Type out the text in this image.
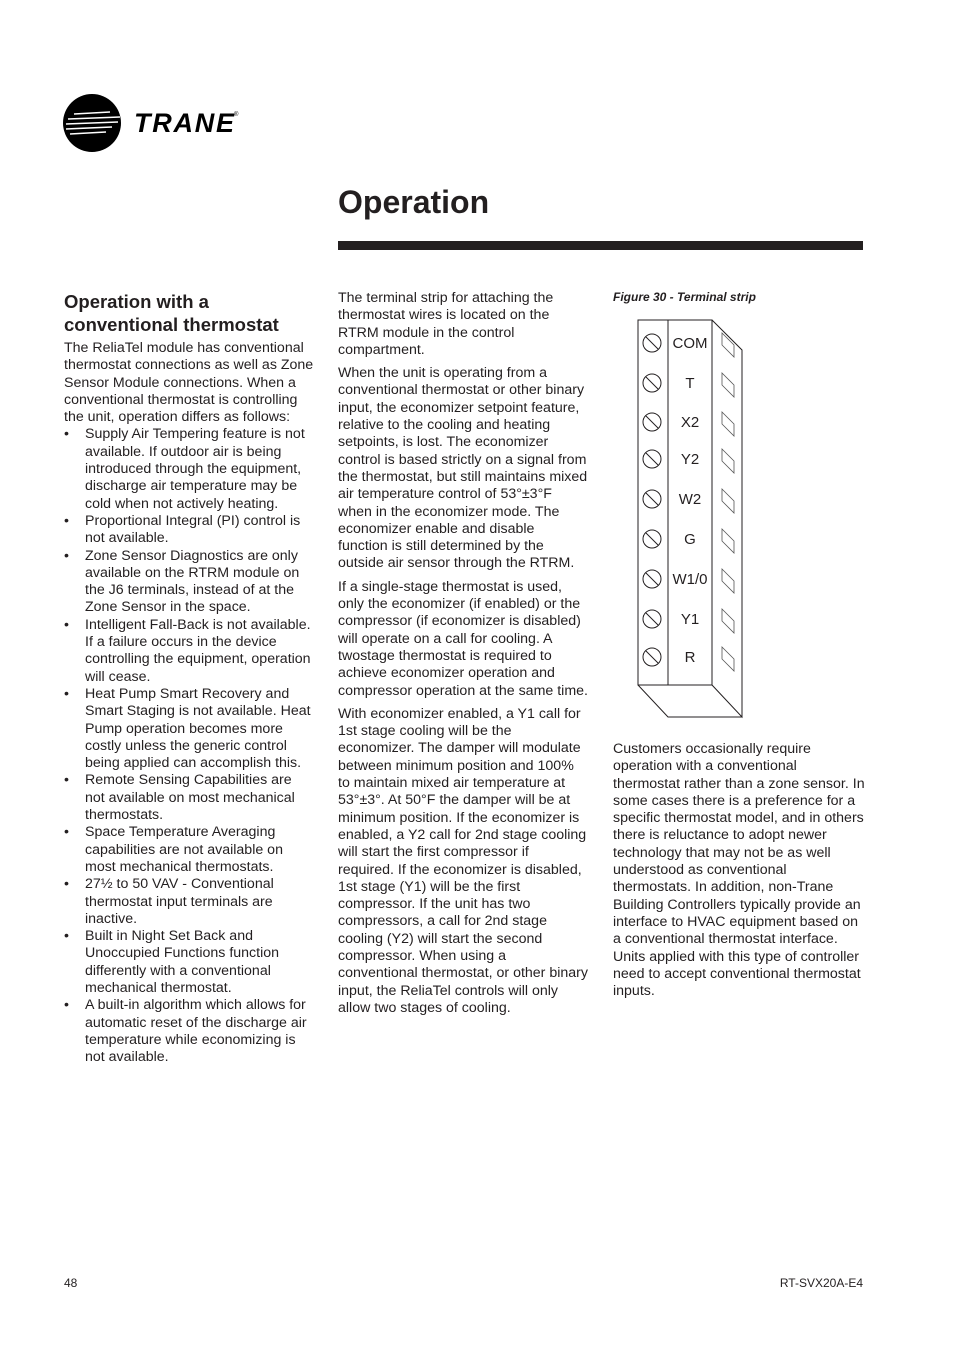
TRANE ®
Operation
Operation with a conventional thermostat

The ReliaTel module has conventional thermostat connections as well as Zone Sensor Module connections. When a conventional thermostat is controlling the unit, operation differs as follows:

• Supply Air Tempering feature is not available. If outdoor air is being introduced through the equipment, discharge air temperature may be cold when not actively heating.
• Proportional Integral (PI) control is not available.
• Zone Sensor Diagnostics are only available on the RTRM module on the J6 terminals, instead of at the Zone Sensor in the space.
• Intelligent Fall-Back is not available. If a failure occurs in the device controlling the equipment, operation will cease.
• Heat Pump Smart Recovery and Smart Staging is not available. Heat Pump operation becomes more costly unless the generic control being applied can accomplish this.
• Remote Sensing Capabilities are not available on most mechanical thermostats.
• Space Temperature Averaging capabilities are not available on most mechanical thermostats.
• 27½ to 50 VAV - Conventional thermostat input terminals are inactive.
• Built in Night Set Back and Unoccupied Functions function differently with a conventional mechanical thermostat.
• A built-in algorithm which allows for automatic reset of the discharge air temperature while economizing is not available.

The terminal strip for attaching the thermostat wires is located on the RTRM module in the control compartment.

When the unit is operating from a conventional thermostat or other binary input, the economizer setpoint feature, relative to the cooling and heating setpoints, is lost. The economizer control is based strictly on a signal from the thermostat, but still maintains mixed air temperature control of 53°±3°F when in the economizer mode. The economizer enable and disable function is still determined by the outside air sensor through the RTRM.

If a single-stage thermostat is used, only the economizer (if enabled) or the compressor (if economizer is disabled) will operate on a call for cooling. A twostage thermostat is required to achieve economizer operation and compressor operation at the same time.

With economizer enabled, a Y1 call for 1st stage cooling will be the economizer. The damper will modulate between minimum position and 100% to maintain mixed air temperature at 53°±3°. At 50°F the damper will be at minimum position. If the economizer is enabled, a Y2 call for 2nd stage cooling will start the first compressor if required. If the economizer is disabled, 1st stage (Y1) will be the first compressor. If the unit has two compressors, a call for 2nd stage cooling (Y2) will start the second compressor. When using a conventional thermostat, or other binary input, the ReliaTel controls will only allow two stages of cooling.

Figure 30 - Terminal strip
COM
T
X2
Y2
W2
G
W1/0
Y1
R
Customers occasionally require operation with a conventional thermostat rather than a zone sensor. In some cases there is a preference for a specific thermostat model, and in others there is reluctance to adopt newer technology that may not be as well understood as conventional thermostats. In addition, non-Trane Building Controllers typically provide an interface to HVAC equipment based on a conventional thermostat interface. Units applied with this type of controller need to accept conventional thermostat inputs.
48	RT-SVX20A-E4
